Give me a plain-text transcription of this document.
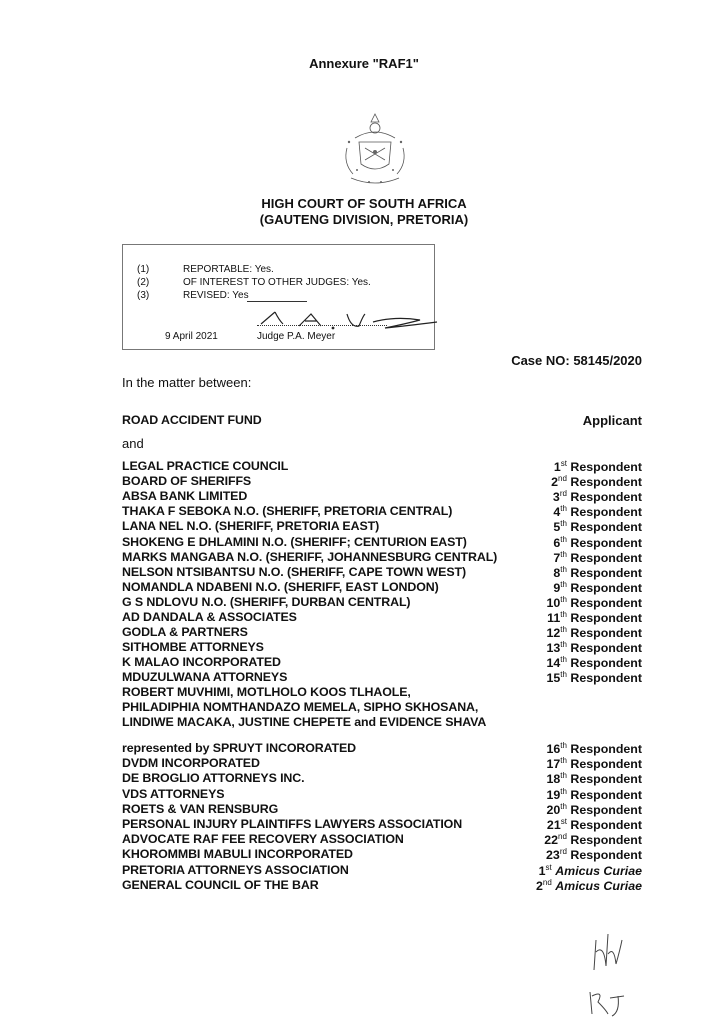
Annexure "RAF1"
HIGH COURT OF SOUTH AFRICA
(GAUTENG DIVISION, PRETORIA)
(1)	REPORTABLE: Yes.
(2)	OF INTEREST TO OTHER JUDGES: Yes.
(3)	REVISED: Yes
9 April 2021	Judge P.A. Meyer
Case NO: 58145/2020
In the matter between:
ROAD ACCIDENT FUND	Applicant
and
LEGAL PRACTICE COUNCIL	1st Respondent
BOARD OF SHERIFFS	2nd Respondent
ABSA BANK LIMITED	3rd Respondent
THAKA F SEBOKA N.O. (SHERIFF, PRETORIA CENTRAL)	4th Respondent
LANA NEL N.O. (SHERIFF, PRETORIA EAST)	5th Respondent
SHOKENG E DHLAMINI N.O. (SHERIFF; CENTURION EAST)	6th Respondent
MARKS MANGABA N.O. (SHERIFF, JOHANNESBURG CENTRAL)	7th Respondent
NELSON NTSIBANTSU N.O. (SHERIFF, CAPE TOWN WEST)	8th Respondent
NOMANDLA NDABENI N.O. (SHERIFF, EAST LONDON)	9th Respondent
G S NDLOVU N.O. (SHERIFF, DURBAN CENTRAL)	10th Respondent
AD DANDALA & ASSOCIATES	11th Respondent
GODLA & PARTNERS	12th Respondent
SITHOMBE ATTORNEYS	13th Respondent
K MALAO INCORPORATED	14th Respondent
MDUZULWANA ATTORNEYS	15th Respondent
ROBERT MUVHIMI, MOTLHOLO KOOS TLHAOLE,
PHILADIPHIA NOMTHANDAZO MEMELA, SIPHO SKHOSANA,
LINDIWE MACAKA, JUSTINE CHEPETE and EVIDENCE SHAVA
represented by SPRUYT INCORORATED	16th Respondent
DVDM INCORPORATED	17th Respondent
DE BROGLIO ATTORNEYS INC.	18th Respondent
VDS ATTORNEYS	19th Respondent
ROETS & VAN RENSBURG	20th Respondent
PERSONAL INJURY PLAINTIFFS LAWYERS ASSOCIATION	21st Respondent
ADVOCATE RAF FEE RECOVERY ASSOCIATION	22nd Respondent
KHOROMMBI MABULI INCORPORATED	23rd Respondent
PRETORIA ATTORNEYS ASSOCIATION	1st Amicus Curiae
GENERAL COUNCIL OF THE BAR	2nd Amicus Curiae
